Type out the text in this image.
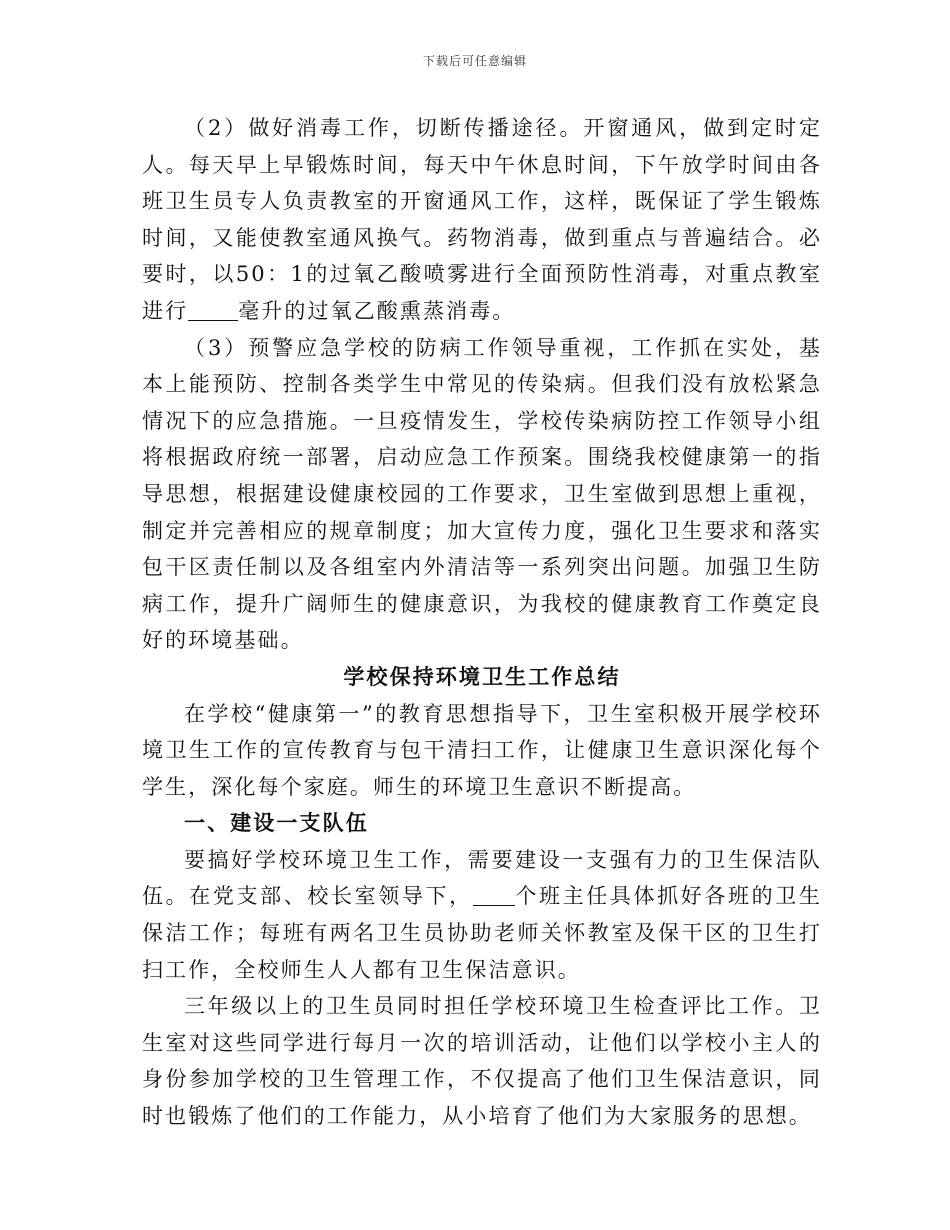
下载后可任意编辑

（2）做好消毒工作，切断传播途径。开窗通风，做到定时定人。每天早上早锻炼时间，每天中午休息时间，下午放学时间由各班卫生员专人负责教室的开窗通风工作，这样，既保证了学生锻炼时间，又能使教室通风换气。药物消毒，做到重点与普遍结合。必要时，以50：1的过氧乙酸喷雾进行全面预防性消毒，对重点教室进行 毫升的过氧乙酸熏蒸消毒。

（3）预警应急学校的防病工作领导重视，工作抓在实处，基本上能预防、控制各类学生中常见的传染病。但我们没有放松紧急情况下的应急措施。一旦疫情发生，学校传染病防控工作领导小组将根据政府统一部署，启动应急工作预案。围绕我校健康第一的指导思想，根据建设健康校园的工作要求，卫生室做到思想上重视，制定并完善相应的规章制度；加大宣传力度，强化卫生要求和落实包干区责任制以及各组室内外清洁等一系列突出问题。加强卫生防病工作，提升广阔师生的健康意识，为我校的健康教育工作奠定良好的环境基础。

学校保持环境卫生工作总结

在学校“健康第一”的教育思想指导下，卫生室积极开展学校环境卫生工作的宣传教育与包干清扫工作，让健康卫生意识深化每个学生，深化每个家庭。师生的环境卫生意识不断提高。

一、建设一支队伍

要搞好学校环境卫生工作，需要建设一支强有力的卫生保洁队伍。在党支部、校长室领导下， 个班主任具体抓好各班的卫生保洁工作；每班有两名卫生员协助老师关怀教室及保干区的卫生打扫工作，全校师生人人都有卫生保洁意识。

三年级以上的卫生员同时担任学校环境卫生检查评比工作。卫生室对这些同学进行每月一次的培训活动，让他们以学校小主人的身份参加学校的卫生管理工作，不仅提高了他们卫生保洁意识，同时也锻炼了他们的工作能力，从小培育了他们为大家服务的思想。
